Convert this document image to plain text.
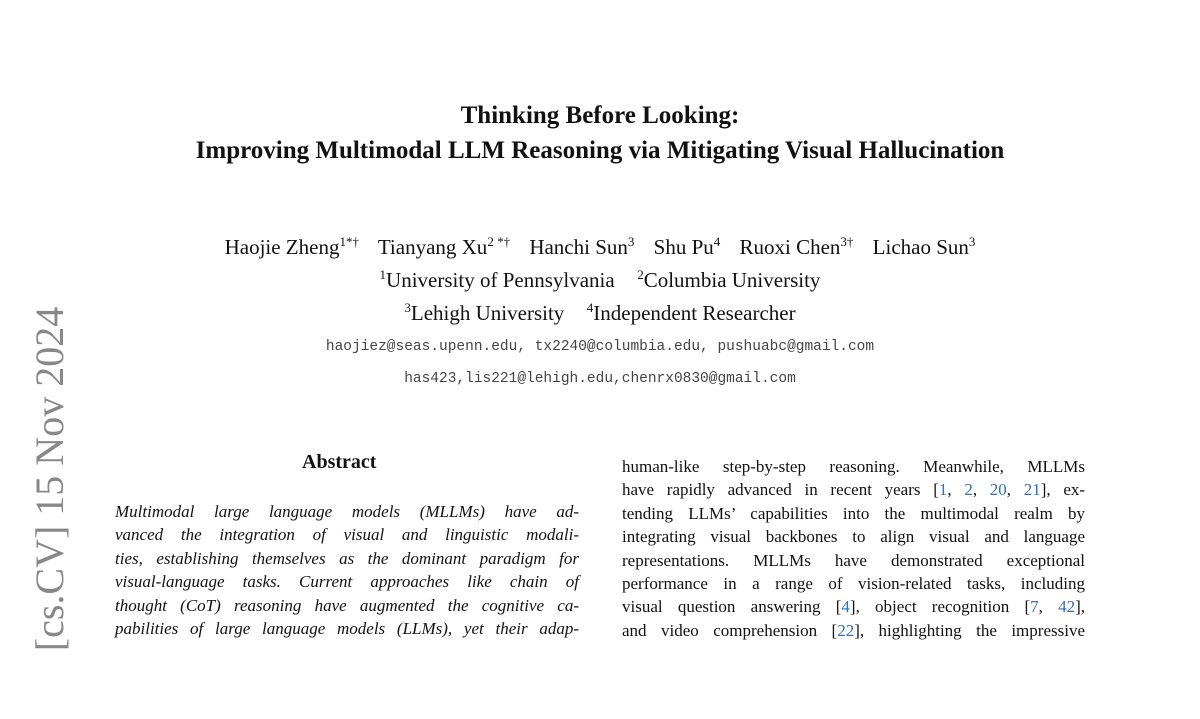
[cs.CV] 15 Nov 2024
Thinking Before Looking:
Improving Multimodal LLM Reasoning via Mitigating Visual Hallucination
Haojie Zheng$^{1*\dagger}$ Tianyang $Xu^{2 *\dagger}$ Hanchi Sun$^3$ Shu Pu$^4$ Ruoxi Chen$^{3\dagger}$ Lichao Sun$^3$
$^1$University of Pennsylvania $^2$Columbia University
$^3$Lehigh University $^4$Independent Researcher
haojiez@seas.upenn.edu, tx2240@columbia.edu, pushuabc@gmail.com
has423,lis221@lehigh.edu,chenrx0830@gmail.com
Abstract
Multimodal large language models (MLLMs) have ad-
vanced the integration of visual and linguistic modali-
ties, establishing themselves as the dominant paradigm for
visual-language tasks. Current approaches like chain of
thought (CoT) reasoning have augmented the cognitive ca-
pabilities of large language models (LLMs), yet their adap-
human-like step-by-step reasoning. Meanwhile, MLLMs
have rapidly advanced in recent years [1, 2, 20, 21], ex-
tending LLMs’ capabilities into the multimodal realm by
integrating visual backbones to align visual and language
representations. MLLMs have demonstrated exceptional
performance in a range of vision-related tasks, including
visual question answering [4], object recognition [7, 42],
and video comprehension [22], highlighting the impressive
